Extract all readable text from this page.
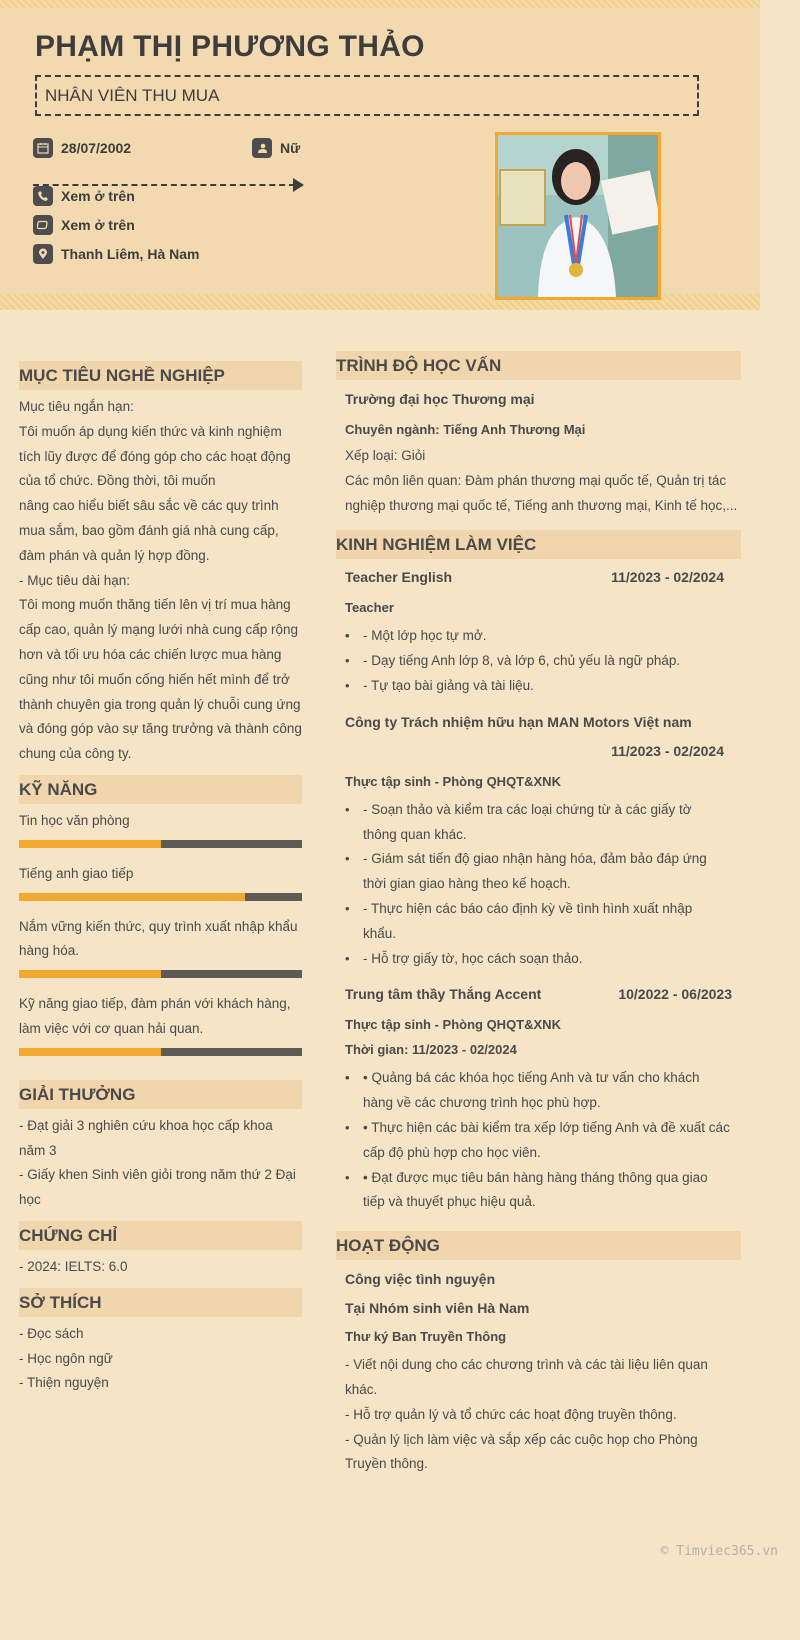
PHẠM THỊ PHƯƠNG THẢO
NHÂN VIÊN THU MUA
28/07/2002	Nữ
Xem ở trên
Xem ở trên
Thanh Liêm, Hà Nam
MỤC TIÊU NGHỀ NGHIỆP
Mục tiêu ngắn hạn:
Tôi muốn áp dụng kiến thức và kinh nghiệm
tích lũy được để đóng góp cho các hoạt động
của tổ chức. Đồng thời, tôi muốn
nâng cao hiểu biết sâu sắc về các quy trình
mua sắm, bao gồm đánh giá nhà cung cấp,
đàm phán và quản lý hợp đồng.
- Mục tiêu dài hạn:
Tôi mong muốn thăng tiến lên vị trí mua hàng
cấp cao, quản lý mạng lưới nhà cung cấp rộng
hơn và tối ưu hóa các chiến lược mua hàng
cũng như tôi muốn cống hiến hết mình để trở
thành chuyên gia trong quản lý chuỗi cung ứng
và đóng góp vào sự tăng trưởng và thành công
chung của công ty.
KỸ NĂNG
Tin học văn phòng
Tiếng anh giao tiếp
Nắm vững kiến thức, quy trình xuất nhập khẩu hàng hóa.
Kỹ năng giao tiếp, đàm phán với khách hàng, làm việc với cơ quan hải quan.
GIẢI THƯỞNG
- Đạt giải 3 nghiên cứu khoa học cấp khoa năm 3
- Giấy khen Sinh viên giỏi trong năm thứ 2 Đại học
CHỨNG CHỈ
- 2024: IELTS: 6.0
SỞ THÍCH
- Đọc sách
- Học ngôn ngữ
- Thiện nguyện
TRÌNH ĐỘ HỌC VẤN
Trường đại học Thương mại
Chuyên ngành: Tiếng Anh Thương Mại
Xếp loại: Giỏi
Các môn liên quan: Đàm phán thương mại quốc tế, Quản trị tác
nghiệp thương mại quốc tế, Tiếng anh thương mại, Kinh tế học,...
KINH NGHIỆM LÀM VIỆC
Teacher English	11/2023 - 02/2024
Teacher
• - Một lớp học tự mở.
• - Dạy tiếng Anh lớp 8, và lớp 6, chủ yếu là ngữ pháp.
• - Tự tạo bài giảng và tài liệu.
Công ty Trách nhiệm hữu hạn MAN Motors Việt nam
11/2023 - 02/2024
Thực tập sinh - Phòng QHQT&XNK
• - Soạn thảo và kiểm tra các loại chứng từ à các giấy tờ thông quan khác.
• - Giám sát tiến độ giao nhận hàng hóa, đảm bảo đáp ứng thời gian giao hàng theo kế hoạch.
• - Thực hiện các báo cáo định kỳ về tình hình xuất nhập khẩu.
• - Hỗ trợ giấy tờ, học cách soạn thảo.
Trung tâm thầy Thắng Accent	10/2022 - 06/2023
Thực tập sinh - Phòng QHQT&XNK
Thời gian: 11/2023 - 02/2024
• • Quảng bá các khóa học tiếng Anh và tư vấn cho khách hàng về các chương trình học phù hợp.
• • Thực hiện các bài kiểm tra xếp lớp tiếng Anh và đề xuất các cấp độ phù hợp cho học viên.
• • Đạt được mục tiêu bán hàng hàng tháng thông qua giao tiếp và thuyết phục hiệu quả.
HOẠT ĐỘNG
Công việc tình nguyện
Tại Nhóm sinh viên Hà Nam
Thư ký Ban Truyền Thông
- Viết nội dung cho các chương trình và các tài liệu liên quan khác.
- Hỗ trợ quản lý và tổ chức các hoạt động truyền thông.
- Quản lý lịch làm việc và sắp xếp các cuộc họp cho Phòng Truyền thông.
© Timviec365.vn
